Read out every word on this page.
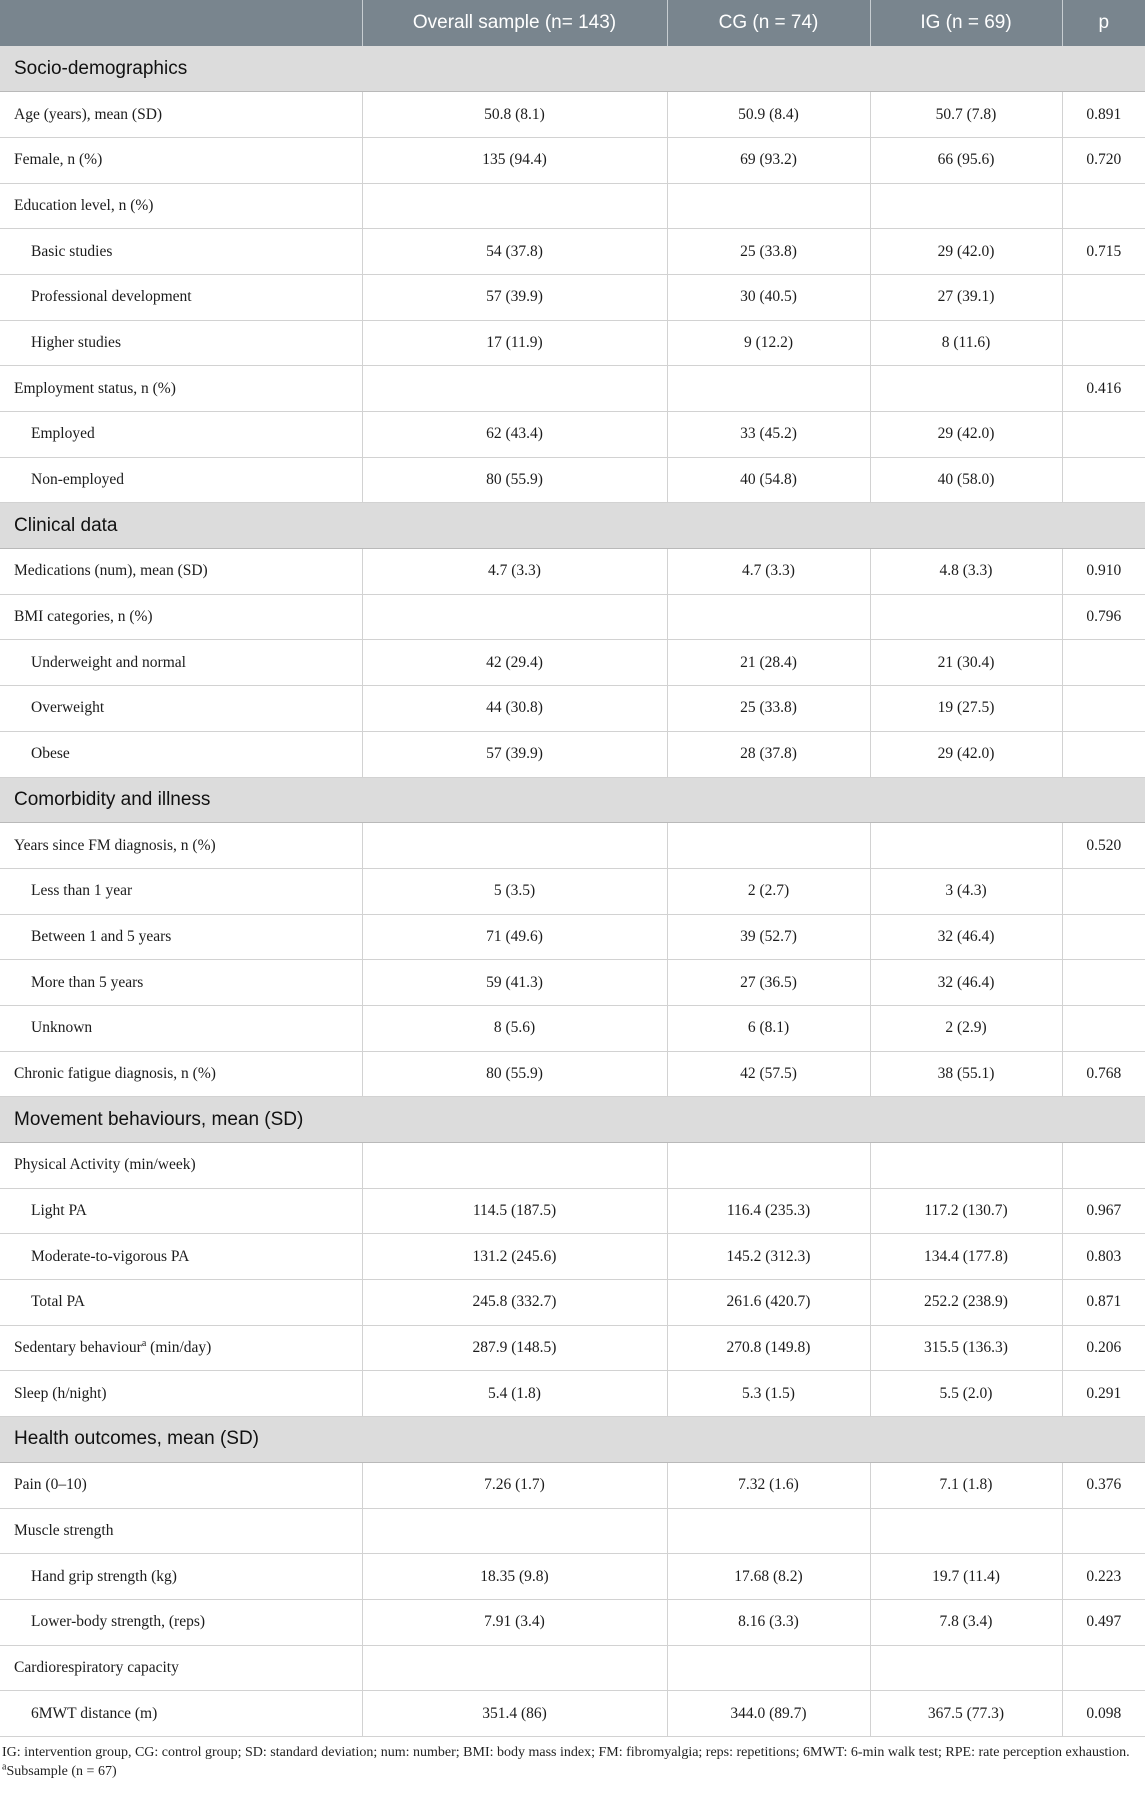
	Overall sample (n= 143)	CG (n = 74)	IG (n = 69)	p
Socio-demographics				
Age (years), mean (SD)	50.8 (8.1)	50.9 (8.4)	50.7 (7.8)	0.891
Female, n (%)	135 (94.4)	69 (93.2)	66 (95.6)	0.720
Education level, n (%)				
Basic studies	54 (37.8)	25 (33.8)	29 (42.0)	0.715
Professional development	57 (39.9)	30 (40.5)	27 (39.1)	
Higher studies	17 (11.9)	9 (12.2)	8 (11.6)	
Employment status, n (%)				0.416
Employed	62 (43.4)	33 (45.2)	29 (42.0)	
Non-employed	80 (55.9)	40 (54.8)	40 (58.0)	
Clinical data				
Medications (num), mean (SD)	4.7 (3.3)	4.7 (3.3)	4.8 (3.3)	0.910
BMI categories, n (%)				0.796
Underweight and normal	42 (29.4)	21 (28.4)	21 (30.4)	
Overweight	44 (30.8)	25 (33.8)	19 (27.5)	
Obese	57 (39.9)	28 (37.8)	29 (42.0)	
Comorbidity and illness				
Years since FM diagnosis, n (%)				0.520
Less than 1 year	5 (3.5)	2 (2.7)	3 (4.3)	
Between 1 and 5 years	71 (49.6)	39 (52.7)	32 (46.4)	
More than 5 years	59 (41.3)	27 (36.5)	32 (46.4)	
Unknown	8 (5.6)	6 (8.1)	2 (2.9)	
Chronic fatigue diagnosis, n (%)	80 (55.9)	42 (57.5)	38 (55.1)	0.768
Movement behaviours, mean (SD)				
Physical Activity (min/week)				
Light PA	114.5 (187.5)	116.4 (235.3)	117.2 (130.7)	0.967
Moderate-to-vigorous PA	131.2 (245.6)	145.2 (312.3)	134.4 (177.8)	0.803
Total PA	245.8 (332.7)	261.6 (420.7)	252.2 (238.9)	0.871
Sedentary behaviour$^a$ (min/day)	287.9 (148.5)	270.8 (149.8)	315.5 (136.3)	0.206
Sleep (h/night)	5.4 (1.8)	5.3 (1.5)	5.5 (2.0)	0.291
Health outcomes, mean (SD)				
Pain (0–10)	7.26 (1.7)	7.32 (1.6)	7.1 (1.8)	0.376
Muscle strength				
Hand grip strength (kg)	18.35 (9.8)	17.68 (8.2)	19.7 (11.4)	0.223
Lower-body strength, (reps)	7.91 (3.4)	8.16 (3.3)	7.8 (3.4)	0.497
Cardiorespiratory capacity				
6MWT distance (m)	351.4 (86)	344.0 (89.7)	367.5 (77.3)	0.098

IG: intervention group, CG: control group; SD: standard deviation; num: number; BMI: body mass index; FM: fibromyalgia; reps: repetitions; 6MWT: 6-min walk test; RPE: rate perception exhaustion.

$^a$Subsample (n = 67)
